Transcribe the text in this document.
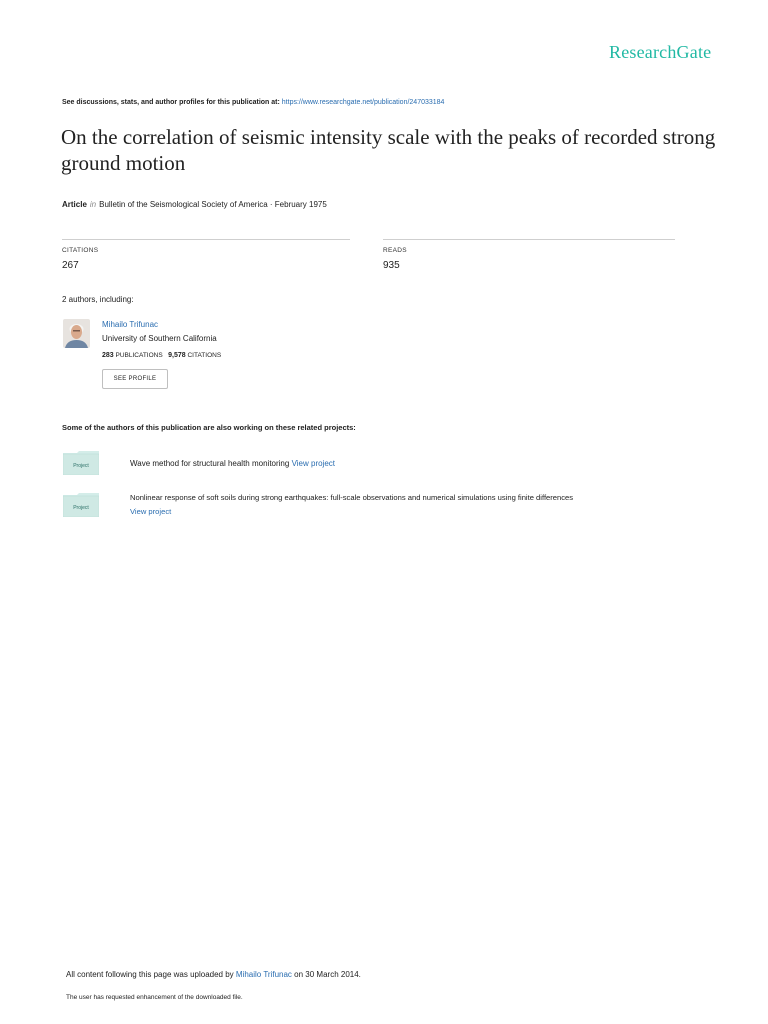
ResearchGate
See discussions, stats, and author profiles for this publication at: https://www.researchgate.net/publication/247033184
On the correlation of seismic intensity scale with the peaks of recorded strong ground motion
Article in Bulletin of the Seismological Society of America · February 1975
CITATIONS
267
READS
935
2 authors, including:
Mihailo Trifunac
University of Southern California
283 PUBLICATIONS 9,578 CITATIONS
SEE PROFILE
Some of the authors of this publication are also working on these related projects:
Project	Wave method for structural health monitoring View project
Project
Nonlinear response of soft soils during strong earthquakes: full-scale observations and numerical simulations using finite differences
View project
All content following this page was uploaded by Mihailo Trifunac on 30 March 2014.
The user has requested enhancement of the downloaded file.
